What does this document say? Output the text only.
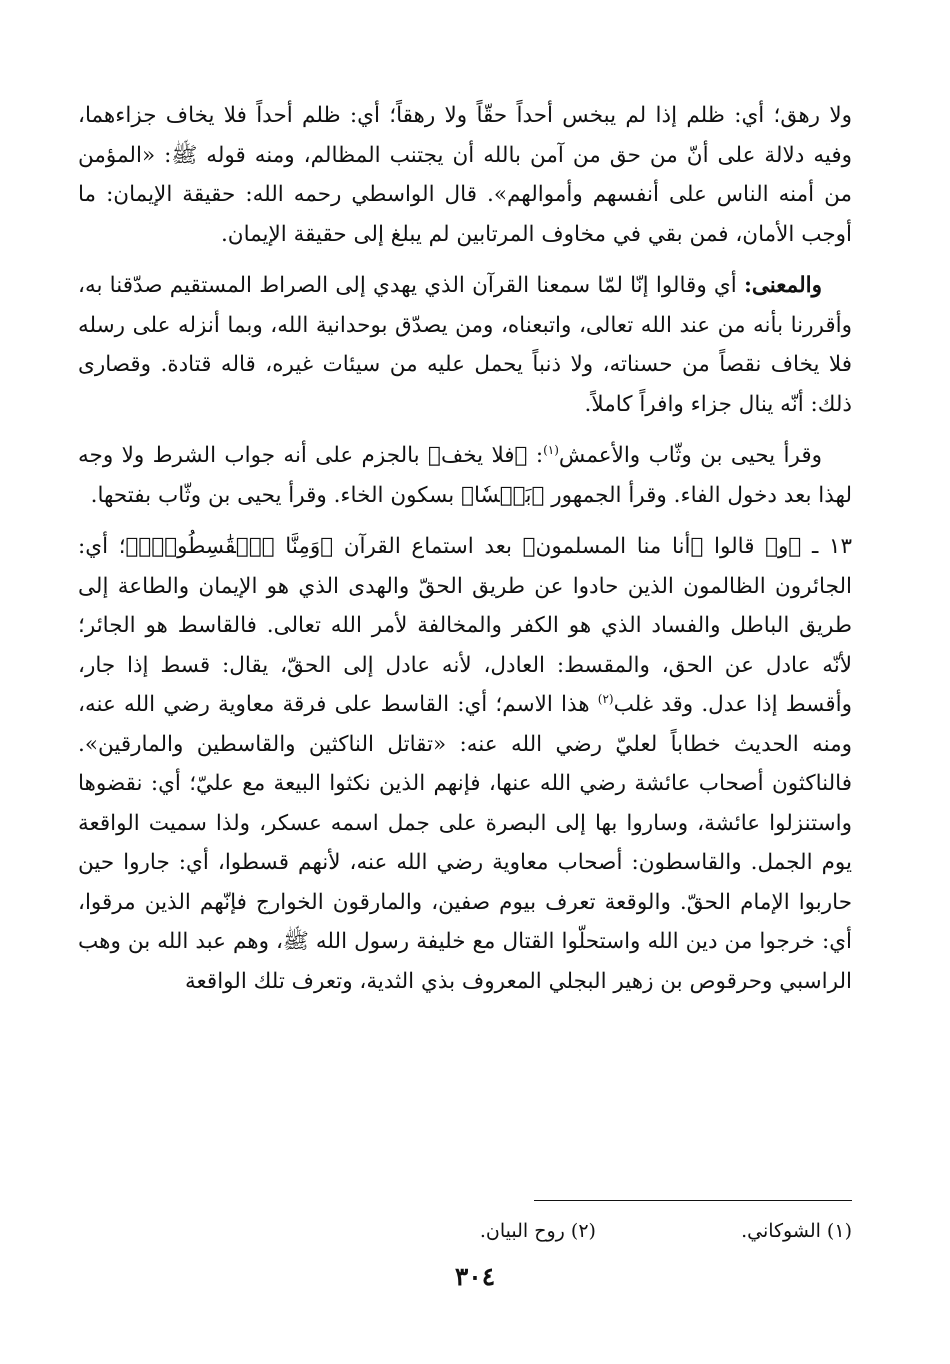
ولا رهق؛ أي: ظلم إذا لم يبخس أحداً حقّاً ولا رهقاً؛ أي: ظلم أحداً فلا يخاف جزاءهما، وفيه دلالة على أنّ من حق من آمن بالله أن يجتنب المظالم، ومنه قوله ﷺ: «المؤمن من أمنه الناس على أنفسهم وأموالهم». قال الواسطي رحمه الله: حقيقة الإيمان: ما أوجب الأمان، فمن بقي في مخاوف المرتابين لم يبلغ إلى حقيقة الإيمان.

والمعنى: أي وقالوا إنّا لمّا سمعنا القرآن الذي يهدي إلى الصراط المستقيم صدّقنا به، وأقررنا بأنه من عند الله تعالى، واتبعناه، ومن يصدّق بوحدانية الله، وبما أنزله على رسله فلا يخاف نقصاً من حسناته، ولا ذنباً يحمل عليه من سيئات غيره، قاله قتادة. وقصارى ذلك: أنّه ينال جزاء وافراً كاملاً.

وقرأ يحيى بن وثّاب والأعمش$^{(١)}$: ﴿فلا يخف﴾ بالجزم على أنه جواب الشرط ولا وجه لهذا بعد دخول الفاء. وقرأ الجمهور ﴿بَخۡسٗا﴾ بسكون الخاء. وقرأ يحيى بن وثّاب بفتحها.

١٣ ـ ﴿و﴾ قالوا ﴿أنا منا المسلمون﴾ بعد استماع القرآن ﴿وَمِنَّا ٱلۡقَٰسِطُونَۖ﴾؛ أي: الجائرون الظالمون الذين حادوا عن طريق الحقّ والهدى الذي هو الإيمان والطاعة إلى طريق الباطل والفساد الذي هو الكفر والمخالفة لأمر الله تعالى. فالقاسط هو الجائر؛ لأنّه عادل عن الحق، والمقسط: العادل، لأنه عادل إلى الحقّ، يقال: قسط إذا جار، وأقسط إذا عدل. وقد غلب$^{(٢)}$ هذا الاسم؛ أي: القاسط على فرقة معاوية رضي الله عنه، ومنه الحديث خطاباً لعليّ رضي الله عنه: «تقاتل الناكثين والقاسطين والمارقين». فالناكثون أصحاب عائشة رضي الله عنها، فإنهم الذين نكثوا البيعة مع عليّ؛ أي: نقضوها واستنزلوا عائشة، وساروا بها إلى البصرة على جمل اسمه عسكر، ولذا سميت الواقعة يوم الجمل. والقاسطون: أصحاب معاوية رضي الله عنه، لأنهم قسطوا، أي: جاروا حين حاربوا الإمام الحقّ. والوقعة تعرف بيوم صفين، والمارقون الخوارج فإنّهم الذين مرقوا، أي: خرجوا من دين الله واستحلّوا القتال مع خليفة رسول الله ﷺ، وهم عبد الله بن وهب الراسبي وحرقوص بن زهير البجلي المعروف بذي الثدية، وتعرف تلك الواقعة

(١) الشوكاني. (٢) روح البيان.
٣٠٤
